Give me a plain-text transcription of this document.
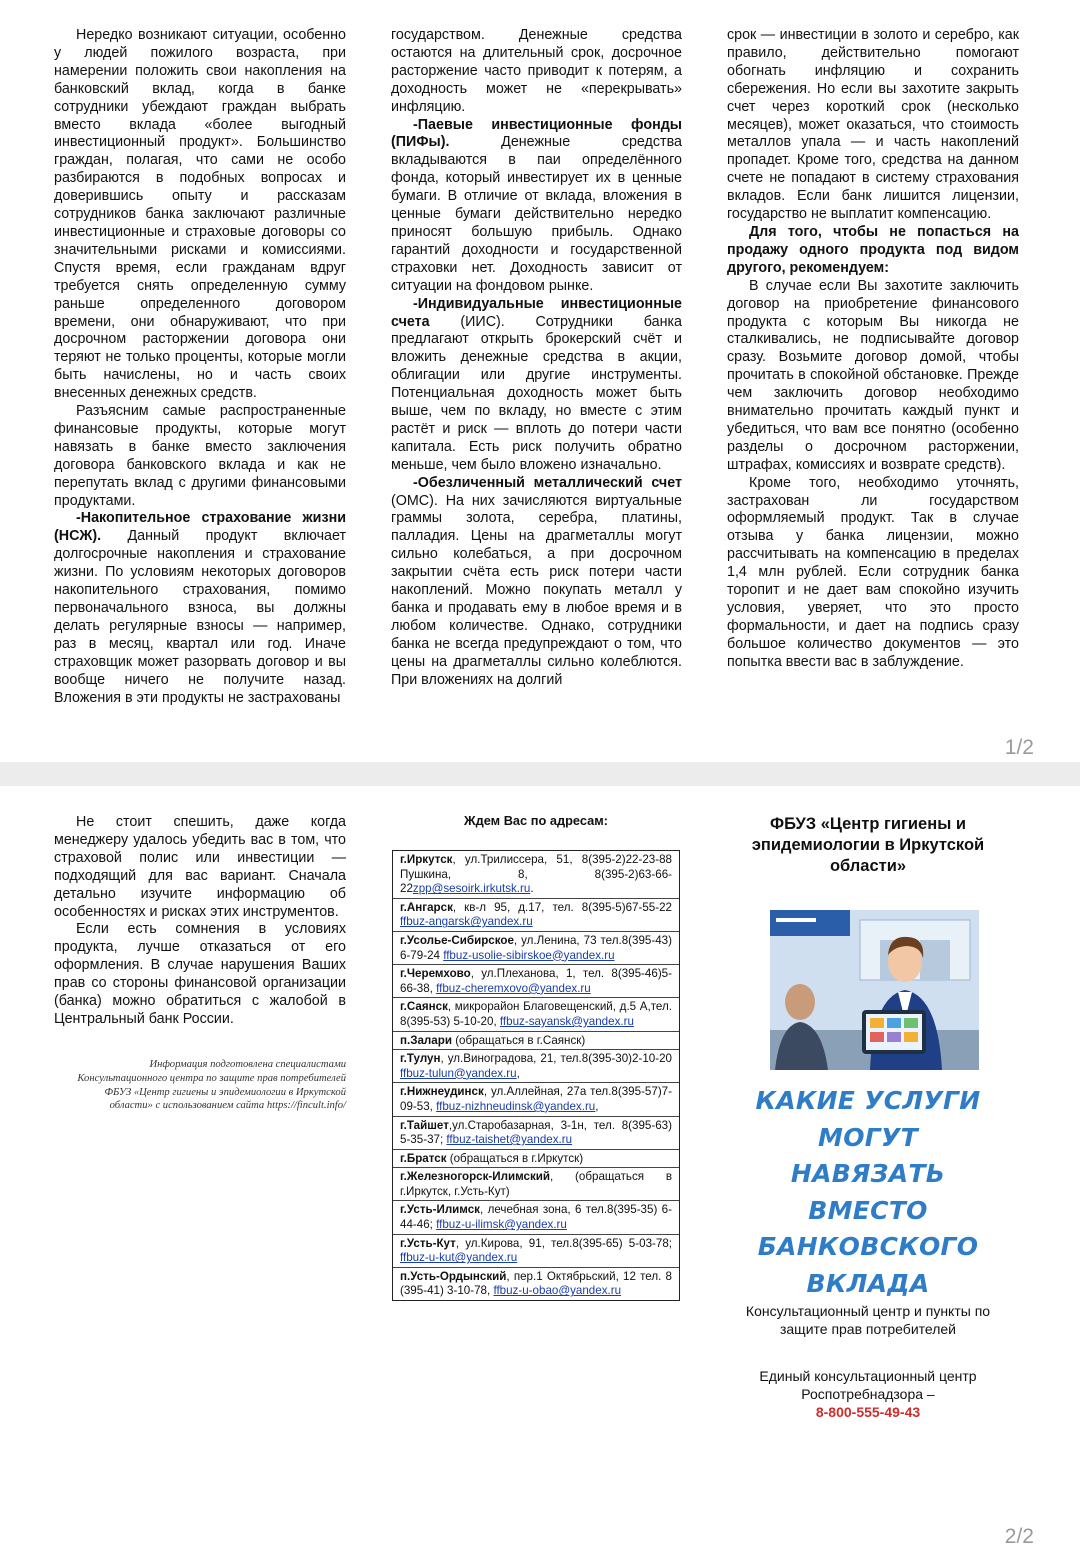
Нередко возникают ситуации, особенно у людей пожилого возраста, при намерении положить свои накопления на банковский вклад, когда в банке сотрудники убеждают граждан выбрать вместо вклада «более выгодный инвестиционный продукт». Большинство граждан, полагая, что сами не особо разбираются в подобных вопросах и доверившись опыту и рассказам сотрудников банка заключают различные инвестиционные и страховые договоры со значительными рисками и комиссиями. Спустя время, если гражданам вдруг требуется снять определенную сумму раньше определенного договором времени, они обнаруживают, что при досрочном расторжении договора они теряют не только проценты, которые могли быть начислены, но и часть своих внесенных денежных средств.

Разъясним самые распространенные финансовые продукты, которые могут навязать в банке вместо заключения договора банковского вклада и как не перепутать вклад с другими финансовыми продуктами.

-Накопительное страхование жизни (НСЖ). Данный продукт включает долгосрочные накопления и страхование жизни. По условиям некоторых договоров накопительного страхования, помимо первоначального взноса, вы должны делать регулярные взносы — например, раз в месяц, квартал или год. Иначе страховщик может разорвать договор и вы вообще ничего не получите назад. Вложения в эти продукты не застрахованы

государством. Денежные средства остаются на длительный срок, досрочное расторжение часто приводит к потерям, а доходность может не «перекрывать» инфляцию.

-Паевые инвестиционные фонды (ПИФы). Денежные средства вкладываются в паи определённого фонда, который инвестирует их в ценные бумаги. В отличие от вклада, вложения в ценные бумаги действительно нередко приносят большую прибыль. Однако гарантий доходности и государственной страховки нет. Доходность зависит от ситуации на фондовом рынке.

-Индивидуальные инвестиционные счета (ИИС). Сотрудники банка предлагают открыть брокерский счёт и вложить денежные средства в акции, облигации или другие инструменты. Потенциальная доходность может быть выше, чем по вкладу, но вместе с этим растёт и риск — вплоть до потери части капитала. Есть риск получить обратно меньше, чем было вложено изначально.

-Обезличенный металлический счет (ОМС). На них зачисляются виртуальные граммы золота, серебра, платины, палладия. Цены на драгметаллы могут сильно колебаться, а при досрочном закрытии счёта есть риск потери части накоплений. Можно покупать металл у банка и продавать ему в любое время и в любом количестве. Однако, сотрудники банка не всегда предупреждают о том, что цены на драгметаллы сильно колеблются. При вложениях на долгий

срок — инвестиции в золото и серебро, как правило, действительно помогают обогнать инфляцию и сохранить сбережения. Но если вы захотите закрыть счет через короткий срок (несколько месяцев), может оказаться, что стоимость металлов упала — и часть накоплений пропадет. Кроме того, средства на данном счете не попадают в систему страхования вкладов. Если банк лишится лицензии, государство не выплатит компенсацию.

Для того, чтобы не попасться на продажу одного продукта под видом другого, рекомендуем:

В случае если Вы захотите заключить договор на приобретение финансового продукта с которым Вы никогда не сталкивались, не подписывайте договор сразу. Возьмите договор домой, чтобы прочитать в спокойной обстановке. Прежде чем заключить договор необходимо внимательно прочитать каждый пункт и убедиться, что вам все понятно (особенно разделы о досрочном расторжении, штрафах, комиссиях и возврате средств).

Кроме того, необходимо уточнять, застрахован ли государством оформляемый продукт. Так в случае отзыва у банка лицензии, можно рассчитывать на компенсацию в пределах 1,4 млн рублей. Если сотрудник банка торопит и не дает вам спокойно изучить условия, уверяет, что это просто формальности, и дает на подпись сразу большое количество документов — это попытка ввести вас в заблуждение.

1/2

Не стоит спешить, даже когда менеджеру удалось убедить вас в том, что страховой полис или инвестиции — подходящий для вас вариант. Сначала детально изучите информацию об особенностях и рисках этих инструментов.

Если есть сомнения в условиях продукта, лучше отказаться от его оформления. В случае нарушения Ваших прав со стороны финансовой организации (банка) можно обратиться с жалобой в Центральный банк России.

Информация подготовлена специалистами Консультационного центра по защите прав потребителей ФБУЗ «Центр гигиены и эпидемиологии в Иркутской области» с использованием сайта https://fincult.info/
Ждем Вас по адресам:
г.Иркутск, ул.Трилиссера, 51, 8(395-2)22-23-88 Пушкина, 8, 8(395-2)63-66-22zpp@sesoirk.irkutsk.ru.
г.Ангарск, кв-л 95, д.17, тел. 8(395-5)67-55-22 ffbuz-angarsk@yandex.ru
г.Усолье-Сибирское, ул.Ленина, 73 тел.8(395-43) 6-79-24 ffbuz-usolie-sibirskoe@yandex.ru
г.Черемхово, ул.Плеханова, 1, тел. 8(395-46)5-66-38, ffbuz-cheremxovo@yandex.ru
г.Саянск, микрорайон Благовещенский, д.5 А,тел. 8(395-53) 5-10-20, ffbuz-sayansk@yandex.ru
п.Залари (обращаться в г.Саянск)
г.Тулун, ул.Виноградова, 21, тел.8(395-30)2-10-20 ffbuz-tulun@yandex.ru,
г.Нижнеудинск, ул.Аллейная, 27а тел.8(395-57)7-09-53, ffbuz-nizhneudinsk@yandex.ru,
г.Тайшет,ул.Старобазарная, 3-1н, тел. 8(395-63) 5-35-37; ffbuz-taishet@yandex.ru
г.Братск (обращаться в г.Иркутск)
г.Железногорск-Илимский, (обращаться в г.Иркутск, г.Усть-Кут)
г.Усть-Илимск, лечебная зона, 6 тел.8(395-35) 6-44-46; ffbuz-u-ilimsk@yandex.ru
г.Усть-Кут, ул.Кирова, 91, тел.8(395-65) 5-03-78; ffbuz-u-kut@yandex.ru
п.Усть-Ордынский, пер.1 Октябрьский, 12 тел. 8 (395-41) 3-10-78, ffbuz-u-obao@yandex.ru
ФБУЗ «Центр гигиены и эпидемиологии в Иркутской области»
КАКИЕ УСЛУГИ МОГУТ НАВЯЗАТЬ ВМЕСТО БАНКОВСКОГО ВКЛАДА
Консультационный центр и пункты по защите прав потребителей
Единый консультационный центр Роспотребнадзора –
8-800-555-49-43
2/2
